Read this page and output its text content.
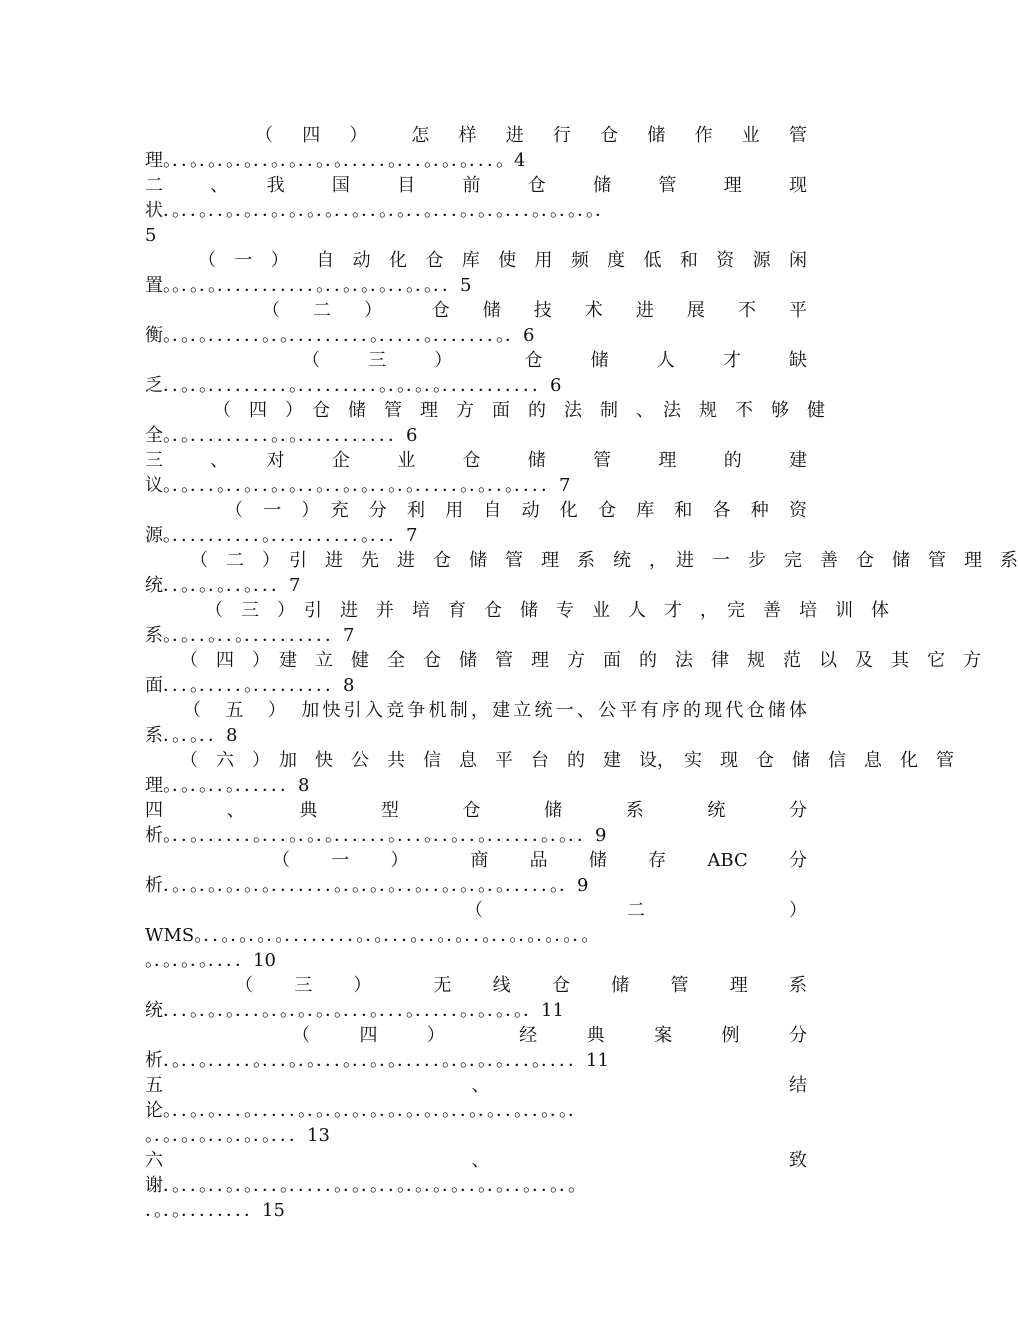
（　四　）　　怎　样　进　行　仓　储　作　业　管
理。．．。．。．。．。．．。．。．．。．。．．．．．。．．．。．。．。．．．。4
二　、　我　国　目　前　仓　储　管　理　现
状．。．．。．．。．。．．。．。．。．。．．。．．。．。．．。．．．。．。．。．．．。．。．。．。．
5
（　一　）　　自　动　化　仓　库　使　用　频　度　低　和　资　源　闲
置。。．。．。．．．．．．．．．．．。．．。．。．。．．。．。．．5
（　二　）　　仓　储　技　术　进　展　不　平
衡。．。．。．．．．．．。．。．．．．．．．．．。．．．．．。．．．．．．．。．6
（　三　）　　仓　储　人　才　缺
乏．．。．。．．．．．．．．．。．．．．．．．．．。．。．。．。．．．．．．．．．．．6
（　四　）　仓　储　管　理　方　面　的　法　制　、　法　规　不　够　健
全。．。．．．．．．．．．。．。．．．．．．．．．．．6
三　、　对　企　业　仓　储　管　理　的　建
议。．。．．．。．．。．．。．。．．。．．。．。．．。．。．．．．．。．。．．。．．．．7
（　一　）　充　分　利　用　自　动　化　仓　库　和　各　种　资
源。．．．．．．．．．．。．．．．．．．．．．。．．．7
（　二　）　引　进　先　进　仓　储　管　理　系　统　，　进　一　步　完　善　仓　储　管　理　系
统．．。．。．。．．。．．．7
（　三　）　引　进　并　培　育　仓　储　专　业　人　才　，　完　善　培　训　体
系。．。．．。．．。．．．．．．．．．．7
（　四　）　建　立　健　全　仓　储　管　理　方　面　的　法　律　规　范　以　及　其　它　方
面．．．。．．．．．。．．．．．．．．．8
（　五　）　加快引入竞争机制，建立统一、公平有序的现代仓储体
系．。．。．．8
（　六　）　加　快　公　共　信　息　平　台　的　建　设，　实　现　仓　储　信　息　化　管
理。．。．。．．。．．．．．．8
四　、　典　型　仓　储　系　统　分
析。．．。．．．．．．。．．．。．。．。．．．．．．。．．．。．．。．．。．．．．．．。．。．．9
（　一　）　　商　品　储　存　ABC　分
析．。．。．。．。．。．。．．．．．．．。．。．。．。．．。．．。．。．。．。．．．．．。．9
（　　二　　）
WMS。．．。．。．。．。．．．．．．．．。．。．．．。．．。．。．．。．．。．。．。．。．。
。．。．。．。．．．．10
（　三　）　　无　线　仓　储　管　理　系
统．．．。．。．。．．．。．。．。．。．。．．．。．．．。．．．．．。．。．。．。．11
（　四　）　　经　典　案　例　分
析．。．．。．．．．．。．．．。．。．．．。．．。．。．．．．．。．。．。．。．．．。．．．．11
五　、　结
论。．．。．。．．．。．．．．．。．。．。．。．。．。．。．。．。．．。．。．．。．．。．。．
。．。．。．。．．。．。．。．．．13
六　、　致
谢．。．．。．．。．。．．．。．．．．．。．。．。．．。．。．。．。．．。．。．．。．．。．。
．。．。．．．．．．．．15
